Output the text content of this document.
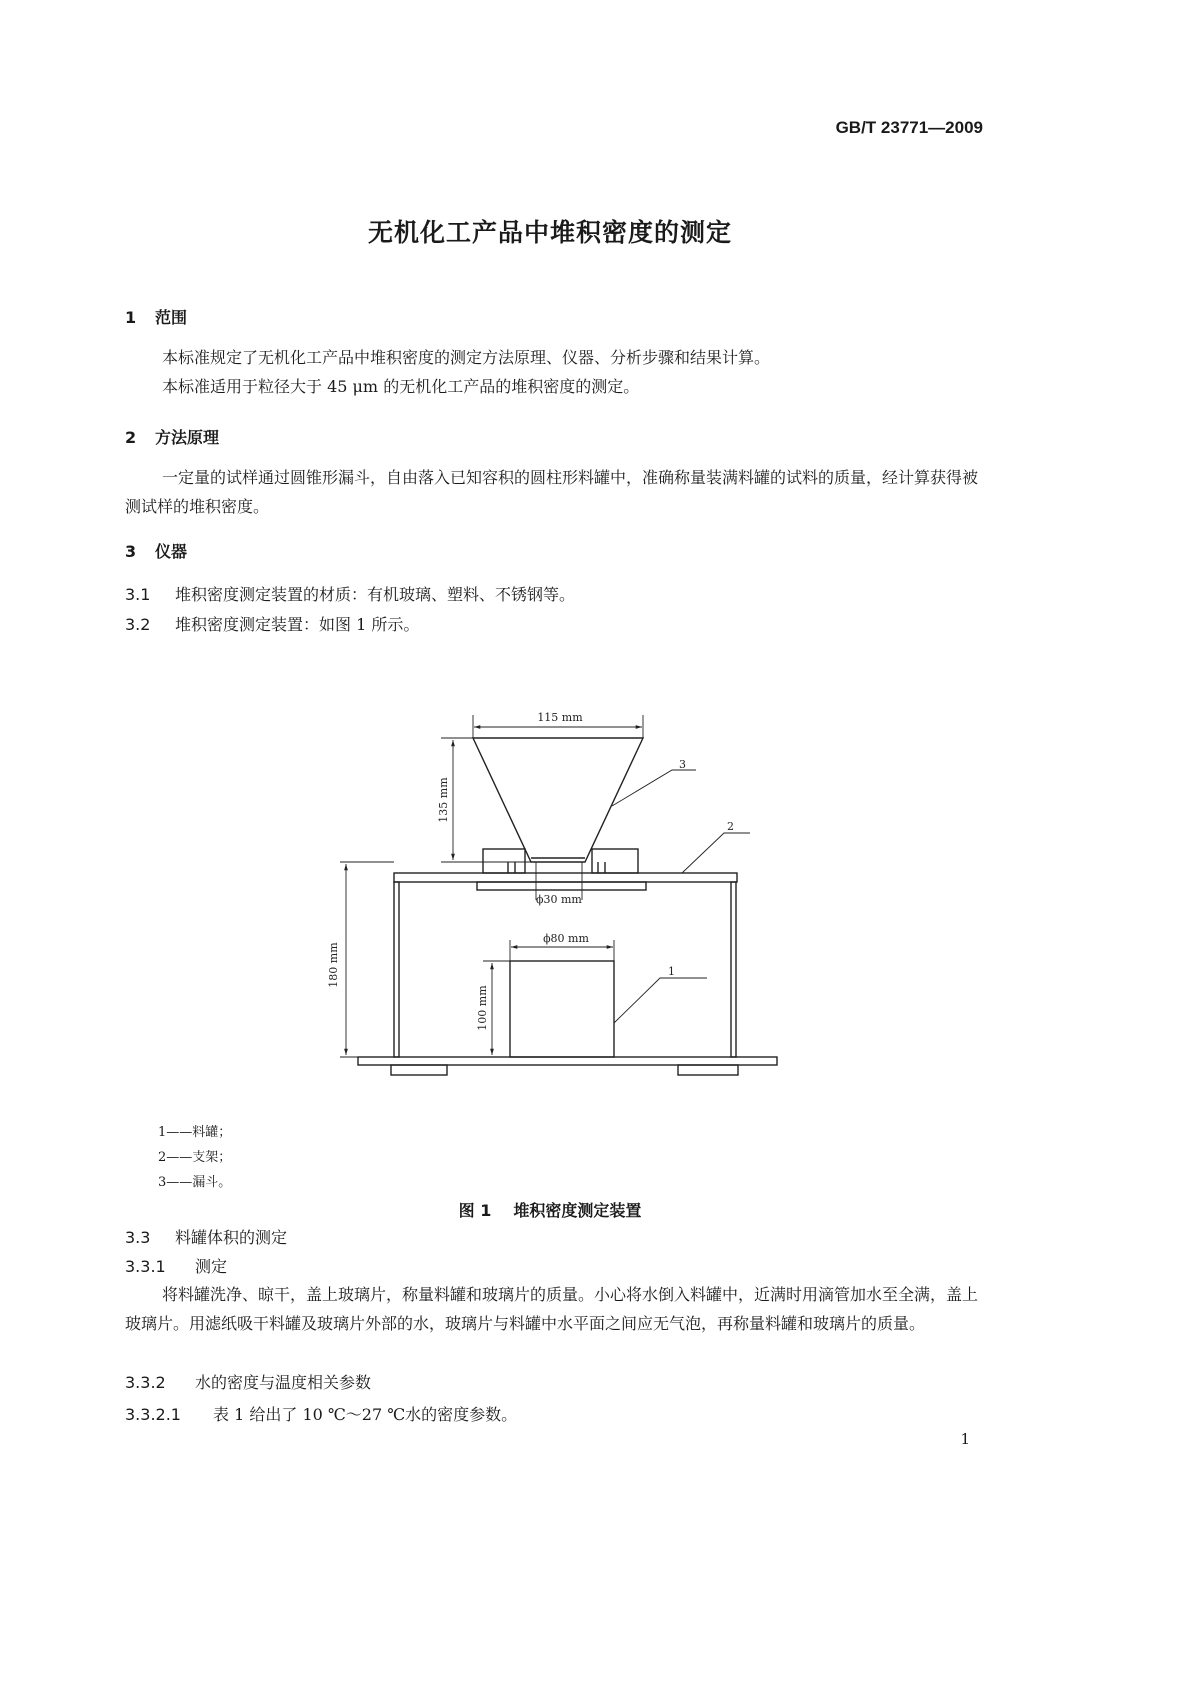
GB/T 23771—2009
无机化工产品中堆积密度的测定
1 范围
本标准规定了无机化工产品中堆积密度的测定方法原理、仪器、分析步骤和结果计算。
本标准适用于粒径大于 45 μm 的无机化工产品的堆积密度的测定。
2 方法原理
一定量的试样通过圆锥形漏斗，自由落入已知容积的圆柱形料罐中，准确称量装满料罐的试料的质量，经计算获得被测试样的堆积密度。
3 仪器
3.1 堆积密度测定装置的材质：有机玻璃、塑料、不锈钢等。
3.2 堆积密度测定装置：如图 1 所示。
115 mm
135 mm
ϕ30 mm
180 mm
ϕ80 mm
100 mm
1
2
3
1——料罐；
2——支架；
3——漏斗。
图 1 堆积密度测定装置
3.3 料罐体积的测定
3.3.1 测定
将料罐洗净、晾干，盖上玻璃片，称量料罐和玻璃片的质量。小心将水倒入料罐中，近满时用滴管加水至全满，盖上玻璃片。用滤纸吸干料罐及玻璃片外部的水，玻璃片与料罐中水平面之间应无气泡，再称量料罐和玻璃片的质量。
3.3.2 水的密度与温度相关参数
3.3.2.1 表 1 给出了 10 ℃～27 ℃水的密度参数。
1
